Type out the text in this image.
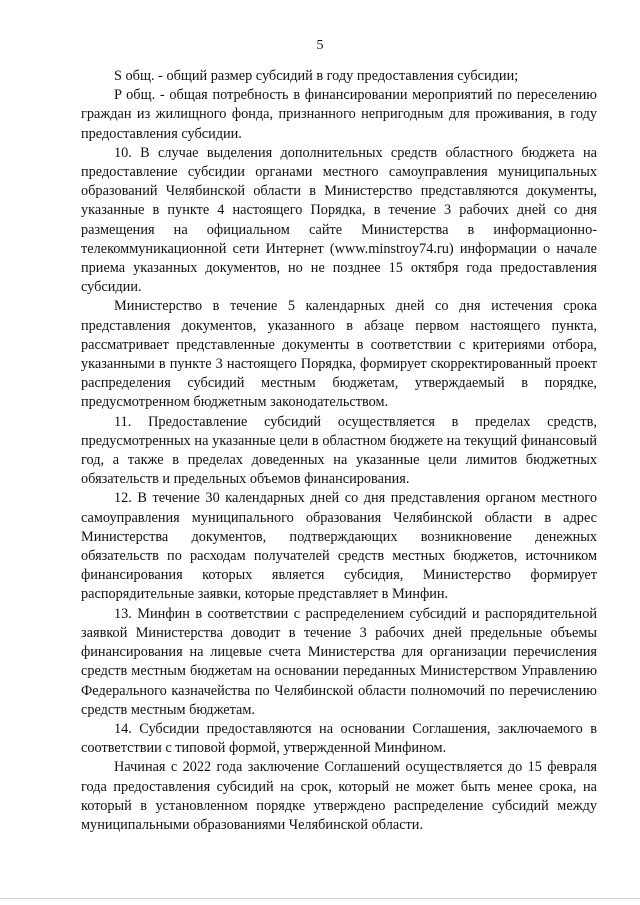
5

S общ. - общий размер субсидий в году предоставления субсидии;

P общ. - общая потребность в финансировании мероприятий по переселению граждан из жилищного фонда, признанного непригодным для проживания, в году предоставления субсидии.

10. В случае выделения дополнительных средств областного бюджета на предоставление субсидии органами местного самоуправления муниципальных образований Челябинской области в Министерство представляются документы, указанные в пункте 4 настоящего Порядка, в течение 3 рабочих дней со дня размещения на официальном сайте Министерства в информационно-телекоммуникационной сети Интернет (www.minstroy74.ru) информации о начале приема указанных документов, но не позднее 15 октября года предоставления субсидии.

Министерство в течение 5 календарных дней со дня истечения срока представления документов, указанного в абзаце первом настоящего пункта, рассматривает представленные документы в соответствии с критериями отбора, указанными в пункте 3 настоящего Порядка, формирует скорректированный проект распределения субсидий местным бюджетам, утверждаемый в порядке, предусмотренном бюджетным законодательством.

11. Предоставление субсидий осуществляется в пределах средств, предусмотренных на указанные цели в областном бюджете на текущий финансовый год, а также в пределах доведенных на указанные цели лимитов бюджетных обязательств и предельных объемов финансирования.

12. В течение 30 календарных дней со дня представления органом местного самоуправления муниципального образования Челябинской области в адрес Министерства документов, подтверждающих возникновение денежных обязательств по расходам получателей средств местных бюджетов, источником финансирования которых является субсидия, Министерство формирует распорядительные заявки, которые представляет в Минфин.

13. Минфин в соответствии с распределением субсидий и распорядительной заявкой Министерства доводит в течение 3 рабочих дней предельные объемы финансирования на лицевые счета Министерства для организации перечисления средств местным бюджетам на основании переданных Министерством Управлению Федерального казначейства по Челябинской области полномочий по перечислению средств местным бюджетам.

14. Субсидии предоставляются на основании Соглашения, заключаемого в соответствии с типовой формой, утвержденной Минфином.

Начиная с 2022 года заключение Соглашений осуществляется до 15 февраля года предоставления субсидий на срок, который не может быть менее срока, на который в установленном порядке утверждено распределение субсидий между муниципальными образованиями Челябинской области.
